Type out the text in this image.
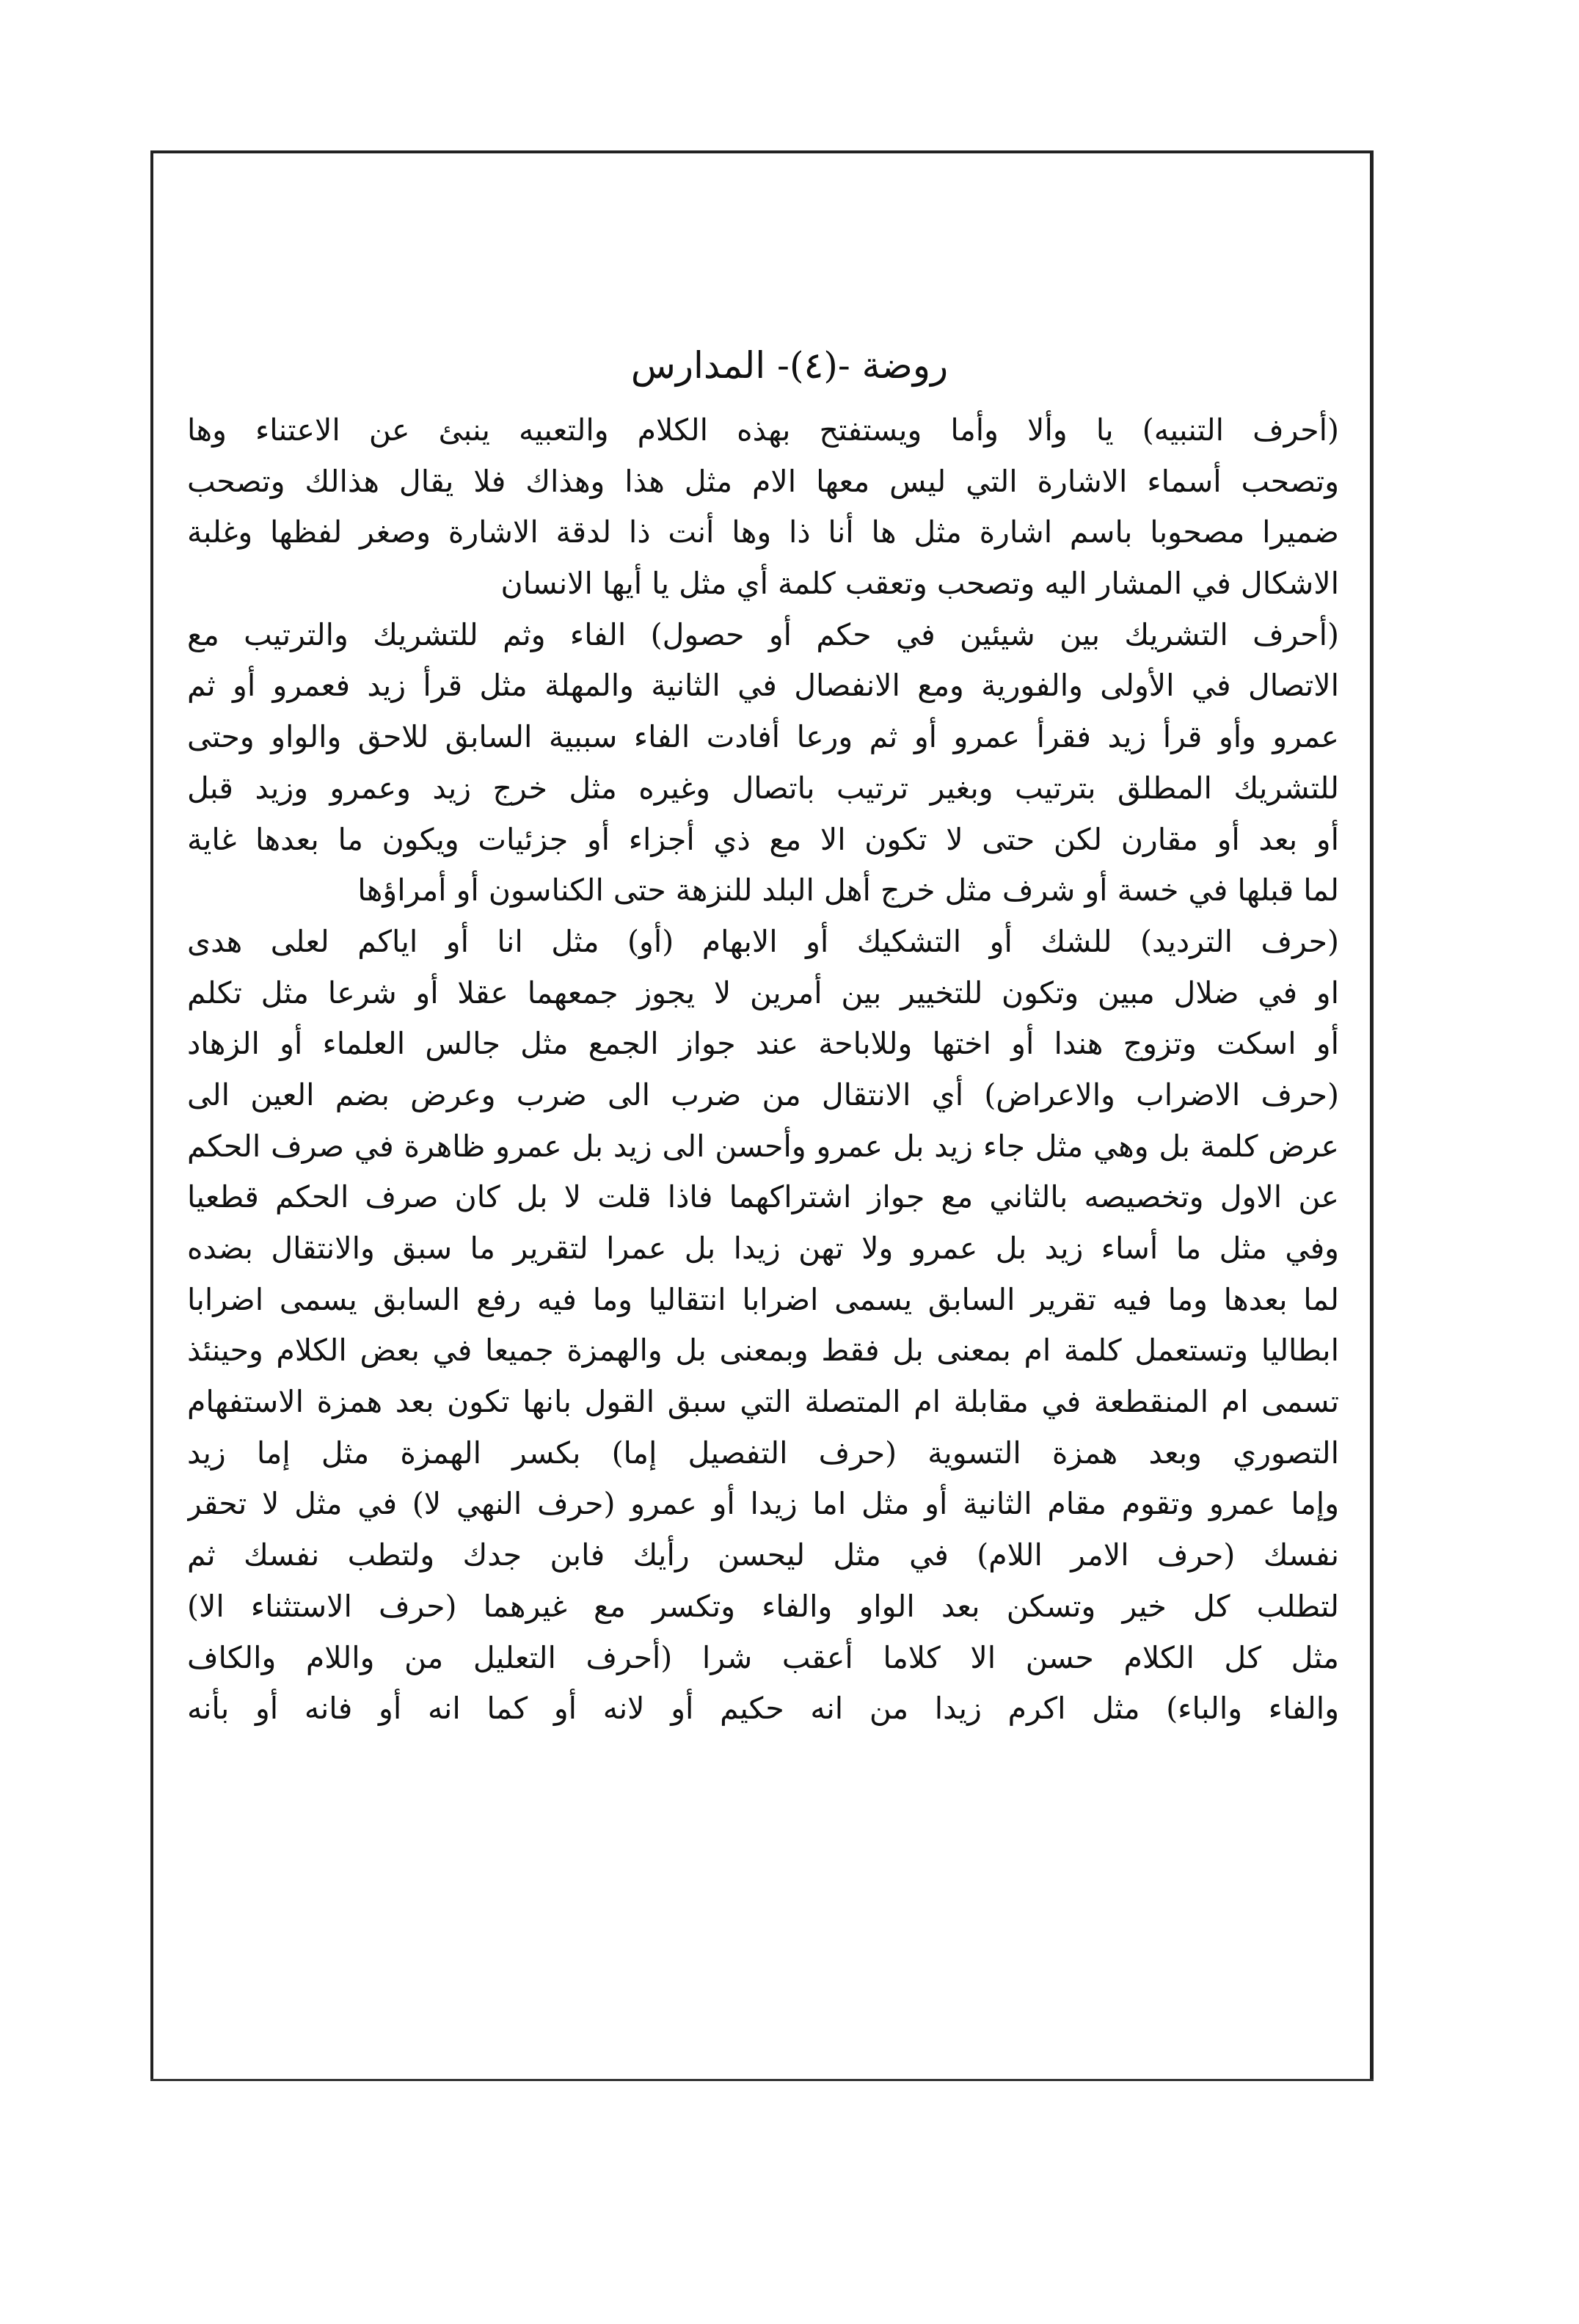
روضة -(٤)- المدارس
(أحرف التنبيه) يا وألا وأما ويستفتح بهذه الكلام والتعبيه ينبئ عن الاعتناء وها
وتصحب أسماء الاشارة التي ليس معها الام مثل هذا وهذاك فلا يقال هذالك وتصحب
ضميرا مصحوبا باسم اشارة مثل ها أنا ذا وها أنت ذا لدقة الاشارة وصغر لفظها وغلبة
الاشكال في المشار اليه وتصحب وتعقب كلمة أي مثل يا أيها الانسان
(أحرف التشريك بين شيئين في حكم أو حصول) الفاء وثم للتشريك والترتيب مع
الاتصال في الأولى والفورية ومع الانفصال في الثانية والمهلة مثل قرأ زيد فعمرو أو ثم
عمرو وأو قرأ زيد فقرأ عمرو أو ثم ورعا أفادت الفاء سببية السابق للاحق والواو وحتى
للتشريك المطلق بترتيب وبغير ترتيب باتصال وغيره مثل خرج زيد وعمرو وزيد قبل
أو بعد أو مقارن لكن حتى لا تكون الا مع ذي أجزاء أو جزئيات ويكون ما بعدها غاية
لما قبلها في خسة أو شرف مثل خرج أهل البلد للنزهة حتى الكناسون أو أمراؤها
(حرف الترديد) للشك أو التشكيك أو الابهام (أو) مثل انا أو اياكم لعلى هدى
او في ضلال مبين وتكون للتخيير بين أمرين لا يجوز جمعهما عقلا أو شرعا مثل تكلم
أو اسكت وتزوج هندا أو اختها وللاباحة عند جواز الجمع مثل جالس العلماء أو الزهاد
(حرف الاضراب والاعراض) أي الانتقال من ضرب الى ضرب وعرض بضم العين الى
عرض كلمة بل وهي مثل جاء زيد بل عمرو وأحسن الى زيد بل عمرو ظاهرة في صرف الحكم
عن الاول وتخصيصه بالثاني مع جواز اشتراكهما فاذا قلت لا بل كان صرف الحكم قطعيا
وفي مثل ما أساء زيد بل عمرو ولا تهن زيدا بل عمرا لتقرير ما سبق والانتقال بضده
لما بعدها وما فيه تقرير السابق يسمى اضرابا انتقاليا وما فيه رفع السابق يسمى اضرابا
ابطاليا وتستعمل كلمة ام بمعنى بل فقط وبمعنى بل والهمزة جميعا في بعض الكلام وحينئذ
تسمى ام المنقطعة في مقابلة ام المتصلة التي سبق القول بانها تكون بعد همزة الاستفهام
التصوري وبعد همزة التسوية (حرف التفصيل إما) بكسر الهمزة مثل إما زيد
وإما عمرو وتقوم مقام الثانية أو مثل اما زيدا أو عمرو (حرف النهي لا) في مثل لا تحقر
نفسك (حرف الامر اللام) في مثل ليحسن رأيك فابن جدك ولتطب نفسك ثم
لتطلب كل خير وتسكن بعد الواو والفاء وتكسر مع غيرهما (حرف الاستثناء الا)
مثل كل الكلام حسن الا كلاما أعقب شرا (أحرف التعليل من واللام والكاف
والفاء والباء) مثل اكرم زيدا من انه حكيم أو لانه أو كما انه أو فانه أو بأنه
